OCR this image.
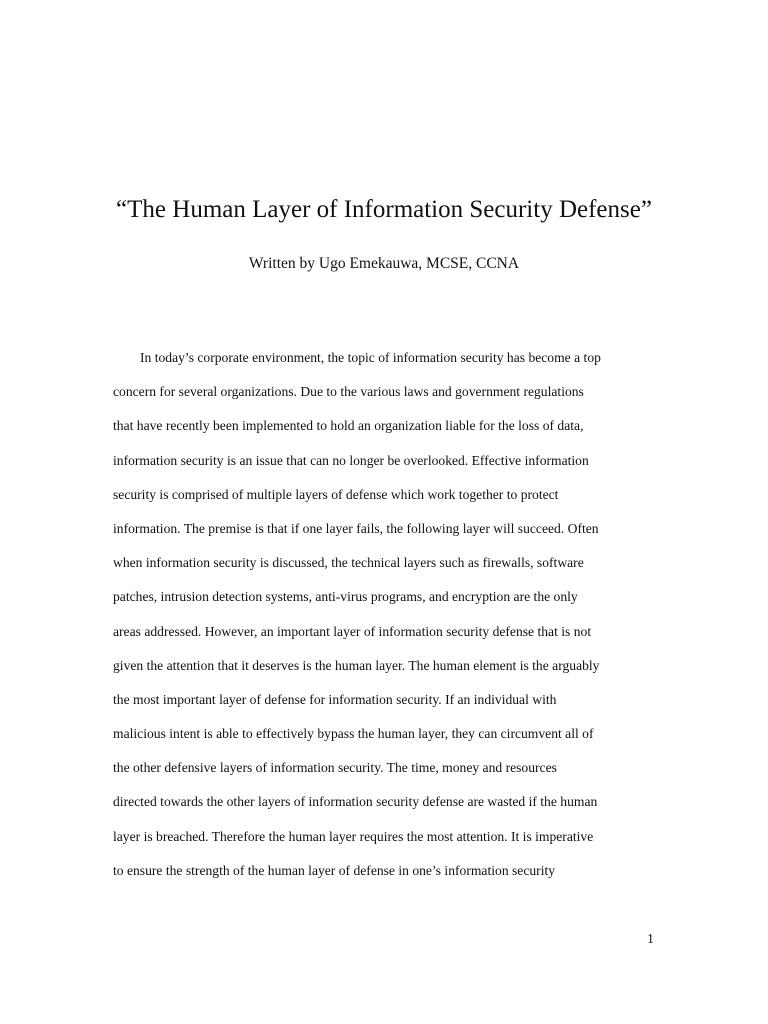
“The Human Layer of Information Security Defense”
Written by Ugo Emekauwa, MCSE, CCNA
In today’s corporate environment, the topic of information security has become a top
concern for several organizations. Due to the various laws and government regulations
that have recently been implemented to hold an organization liable for the loss of data,
information security is an issue that can no longer be overlooked. Effective information
security is comprised of multiple layers of defense which work together to protect
information. The premise is that if one layer fails, the following layer will succeed. Often
when information security is discussed, the technical layers such as firewalls, software
patches, intrusion detection systems, anti-virus programs, and encryption are the only
areas addressed. However, an important layer of information security defense that is not
given the attention that it deserves is the human layer. The human element is the arguably
the most important layer of defense for information security. If an individual with
malicious intent is able to effectively bypass the human layer, they can circumvent all of
the other defensive layers of information security. The time, money and resources
directed towards the other layers of information security defense are wasted if the human
layer is breached. Therefore the human layer requires the most attention. It is imperative
to ensure the strength of the human layer of defense in one’s information security
1
